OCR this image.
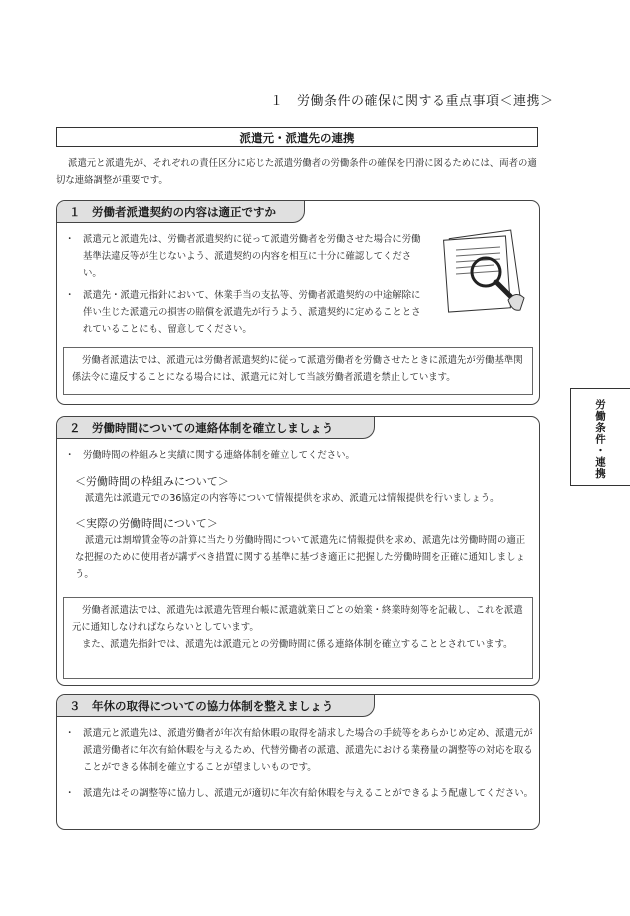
１　労働条件の確保に関する重点事項＜連携＞
派遣元・派遣先の連携
派遣元と派遣先が、それぞれの責任区分に応じた派遣労働者の労働条件の確保を円滑に図るためには、両者の適切な連絡調整が重要です。
１　 労働者派遣契約の内容は適正ですか
・ 派遣元と派遣先は、労働者派遣契約に従って派遣労働者を労働させた場合に労働基準法違反等が生じないよう、派遣契約の内容を相互に十分に確認してください。
・ 派遣先・派遣元指針において、休業手当の支払等、労働者派遣契約の中途解除に伴い生じた派遣元の損害の賠償を派遣先が行うよう、派遣契約に定めることとされていることにも、留意してください。
労働者派遣法では、派遣元は労働者派遣契約に従って派遣労働者を労働させたときに派遣先が労働基準関係法令に違反することになる場合には、派遣元に対して当該労働者派遣を禁止しています。
労働条件・連携
２　 労働時間についての連絡体制を確立しましょう
・ 労働時間の枠組みと実績に関する連絡体制を確立してください。
＜労働時間の枠組みについて＞
派遣先は派遣元での36協定の内容等について情報提供を求め、派遣元は情報提供を行いましょう。
＜実際の労働時間について＞
派遣元は割増賃金等の計算に当たり労働時間について派遣先に情報提供を求め、派遣先は労働時間の適正な把握のために使用者が講ずべき措置に関する基準に基づき適正に把握した労働時間を正確に通知しましょう。
労働者派遣法では、派遣先は派遣先管理台帳に派遣就業日ごとの始業・終業時刻等を記載し、これを派遣元に通知しなければならないとしています。
また、派遣先指針では、派遣先は派遣元との労働時間に係る連絡体制を確立することとされています。
３　 年休の取得についての協力体制を整えましょう
・ 派遣元と派遣先は、派遣労働者が年次有給休暇の取得を請求した場合の手続等をあらかじめ定め、派遣元が派遣労働者に年次有給休暇を与えるため、代替労働者の派遣、派遣先における業務量の調整等の対応を取ることができる体制を確立することが望ましいものです。
・ 派遣先はその調整等に協力し、派遣元が適切に年次有給休暇を与えることができるよう配慮してください。
